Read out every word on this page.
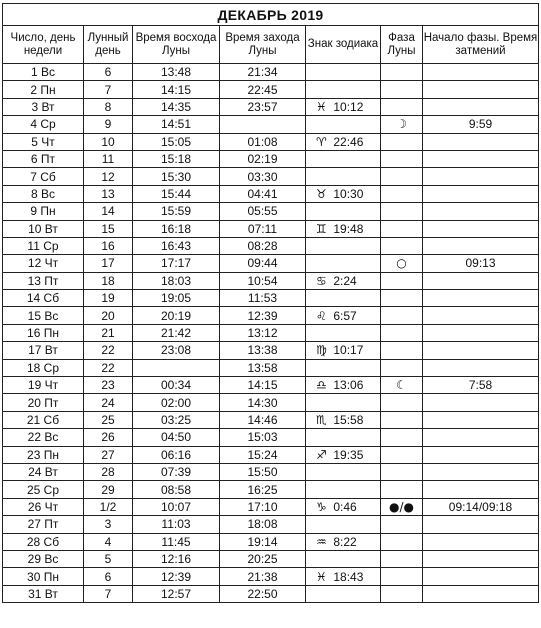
ДЕКАБРЬ 2019						
Число, день недели	Лунный день	Время восхода Луны	Время захода Луны	Знак зодиака	Фаза Луны	Начало фазы. Время затмений
1 Вс	6	13:48	21:34			
2 Пн	7	14:15	22:45			
3 Вт	8	14:35	23:57	♓ 10:12		
4 Ср	9	14:51			☽	9:59
5 Чт	10	15:05	01:08	♈ 22:46		
6 Пт	11	15:18	02:19			
7 Сб	12	15:30	03:30			
8 Вс	13	15:44	04:41	♉ 10:30		
9 Пн	14	15:59	05:55			
10 Вт	15	16:18	07:11	♊ 19:48		
11 Ср	16	16:43	08:28			
12 Чт	17	17:17	09:44		○	09:13
13 Пт	18	18:03	10:54	♋ 2:24		
14 Сб	19	19:05	11:53			
15 Вс	20	20:19	12:39	♌ 6:57		
16 Пн	21	21:42	13:12			
17 Вт	22	23:08	13:38	♍ 10:17		
18 Ср	22		13:58			
19 Чт	23	00:34	14:15	♎ 13:06	☾	7:58
20 Пт	24	02:00	14:30			
21 Сб	25	03:25	14:46	♏ 15:58		
22 Вс	26	04:50	15:03			
23 Пн	27	06:16	15:24	♐ 19:35		
24 Вт	28	07:39	15:50			
25 Ср	29	08:58	16:25			
26 Чт	1/2	10:07	17:10	♑ 0:46	●/●	09:14/09:18
27 Пт	3	11:03	18:08			
28 Сб	4	11:45	19:14	♒ 8:22		
29 Вс	5	12:16	20:25			
30 Пн	6	12:39	21:38	♓ 18:43		
31 Вт	7	12:57	22:50			
